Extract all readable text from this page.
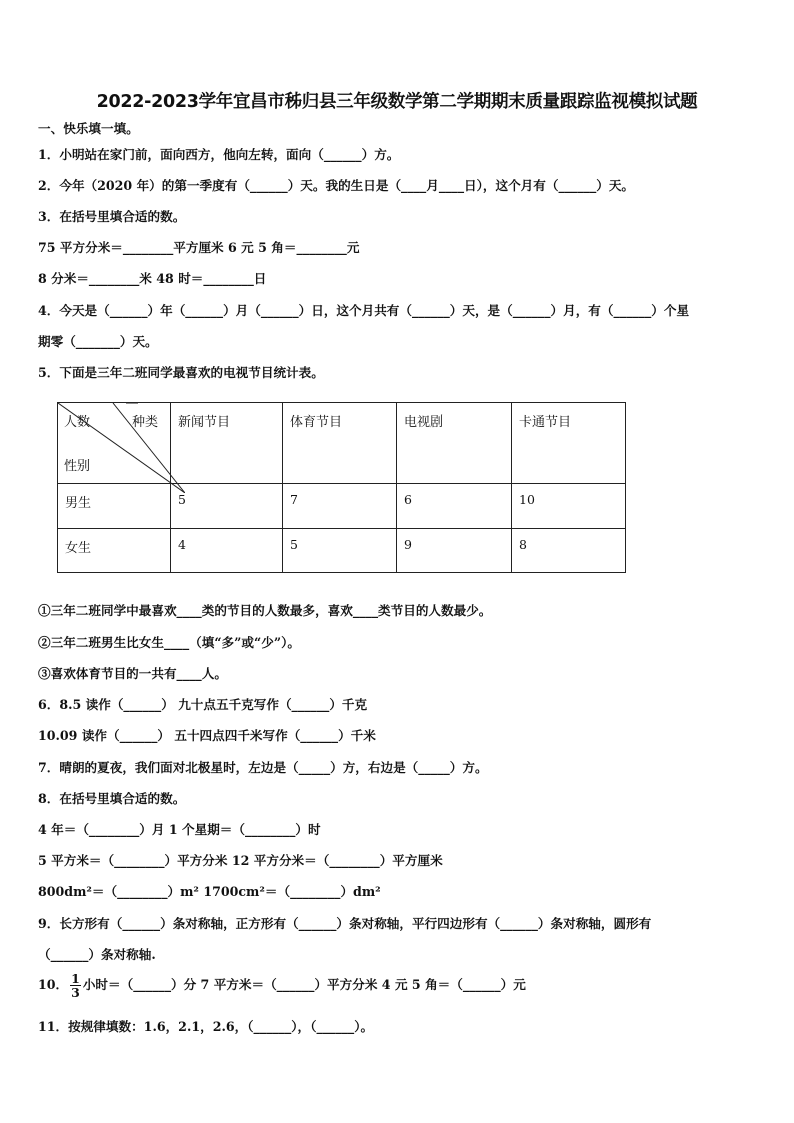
2022-2023学年宜昌市秭归县三年级数学第二学期期末质量跟踪监视模拟试题
一、快乐填一填。
1．小明站在家门前，面向西方，他向左转，面向（______）方。
2．今年（2020 年）的第一季度有（______）天。我的生日是（____月____日），这个月有（______）天。
3．在括号里填合适的数。
75 平方分米＝________平方厘米 6 元 5 角＝________元
8 分米＝________米 48 时＝________日
4．今天是（______）年（______）月（______）日，这个月共有（______）天，是（______）月，有（______）个星
期零（_______）天。
5．下面是三年二班同学最喜欢的电视节目统计表。
人数 种类
性别	新闻节目	体育节目	电视剧	卡通节目
男生	5	7	6	10
女生	4	5	9	8
①三年二班同学中最喜欢____类的节目的人数最多，喜欢____类节目的人数最少。
②三年二班男生比女生____（填“多”或“少”）。
③喜欢体育节目的一共有____人。
6．8.5 读作（______） 九十点五千克写作（______）千克
10.09 读作（______） 五十四点四千米写作（______）千米
7．晴朗的夏夜，我们面对北极星时，左边是（_____）方，右边是（_____）方。
8．在括号里填合适的数。
4 年＝（________）月 1 个星期＝（________）时
5 平方米＝（________）平方分米 12 平方分米＝（________）平方厘米
800dm²＝（________）m² 1700cm²＝（________）dm²
9．长方形有（______）条对称轴，正方形有（______）条对称轴，平行四边形有（______）条对称轴，圆形有
（______）条对称轴.
10． $\frac{1}{3}$ 小时＝（______）分 7 平方米＝（______）平方分米 4 元 5 角＝（______）元
11．按规律填数：1.6，2.1，2.6，（______），（______）。
